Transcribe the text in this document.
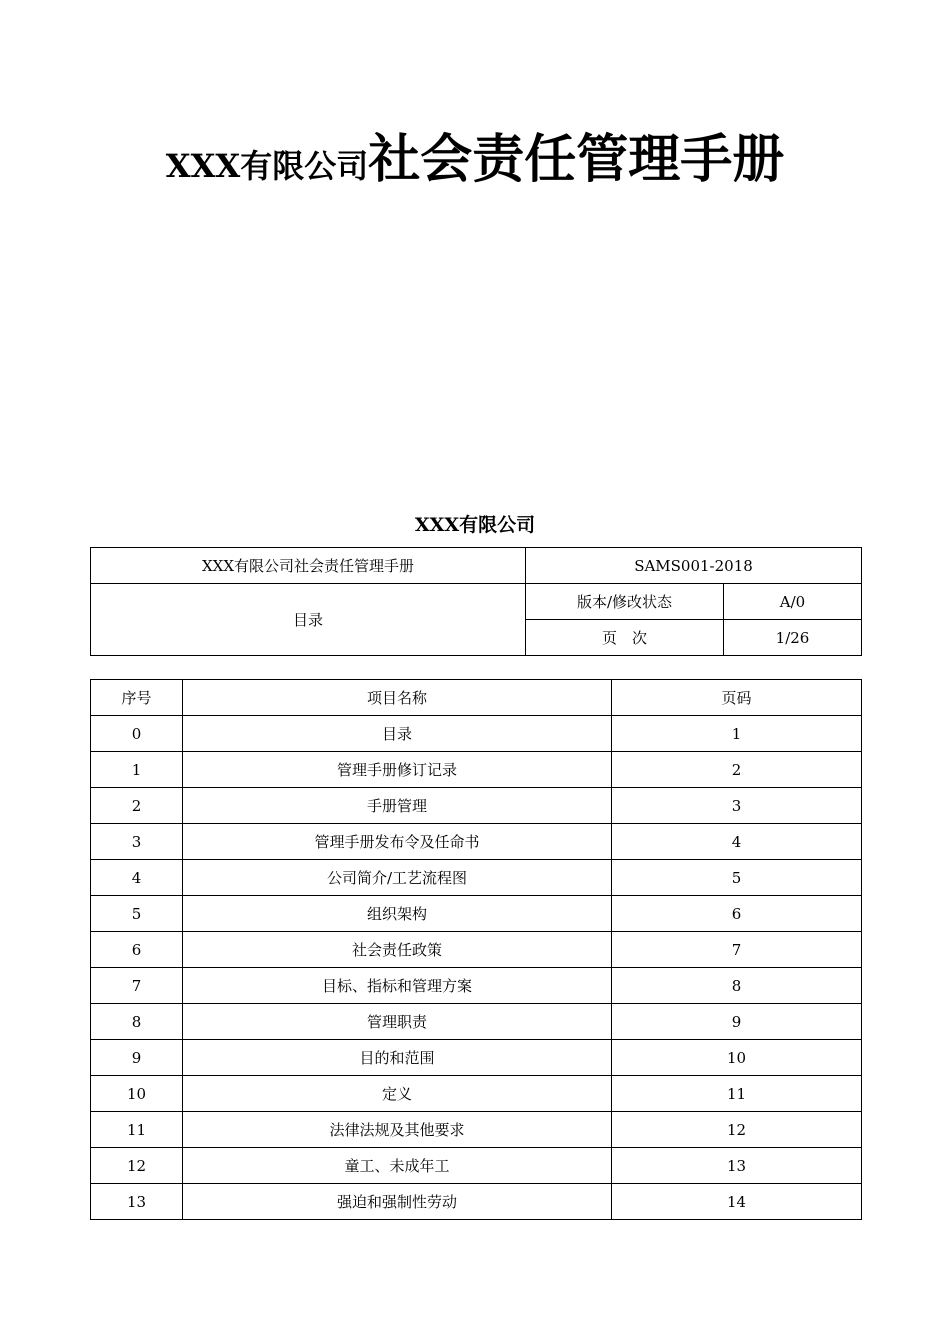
XXX有限公司社会责任管理手册
XXX有限公司
XXX有限公司社会责任管理手册	SAMS001-2018	
目录	版本/修改状态	A/0
	页　次	1/26
序号	项目名称	页码
0	目录	1
1	管理手册修订记录	2
2	手册管理	3
3	管理手册发布令及任命书	4
4	公司简介/工艺流程图	5
5	组织架构	6
6	社会责任政策	7
7	目标、指标和管理方案	8
8	管理职责	9
9	目的和范围	10
10	定义	11
11	法律法规及其他要求	12
12	童工、未成年工	13
13	强迫和强制性劳动	14
